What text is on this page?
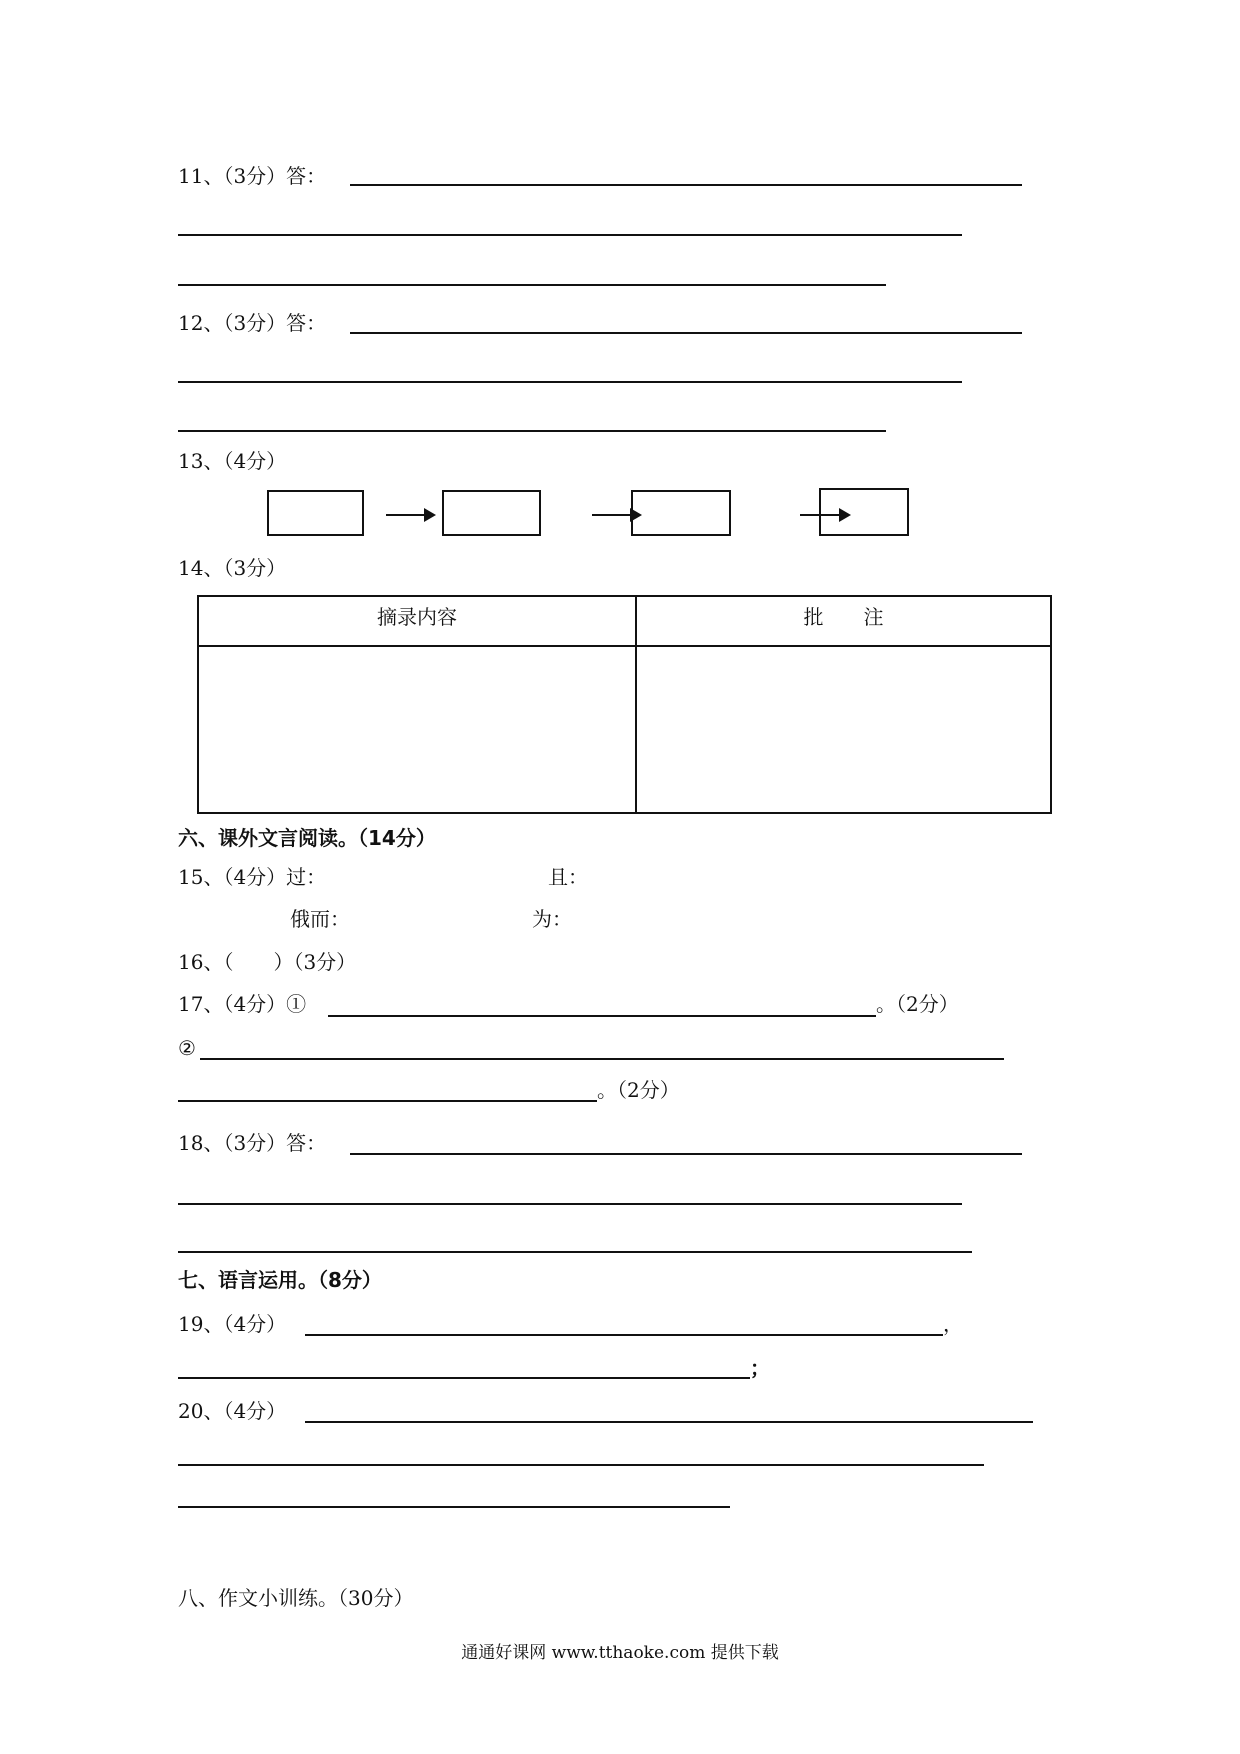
11、（3分）答：
12、（3分）答：
13、（4分）
14、（3分）
摘录内容	批　　注

六、课外文言阅读。（14分）
15、（4分）过：	且：
俄而：	为：
16、（　　）（3分）
17、（4分）①	。（2分）
②
。（2分）
18、（3分）答：
七、语言运用。（8分）
19、（4分）	，
；
20、（4分）
八、作文小训练。（30分）
通通好课网 www.tthaoke.com 提供下载
